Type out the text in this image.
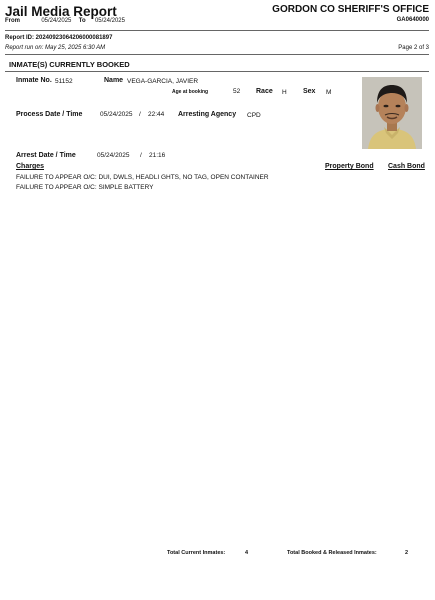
Jail Media Report	GORDON CO SHERIFF'S OFFICE
GA0640000
From	05/24/2025 To 05/24/2025
Report ID: 20240923064206000081897
Report run on: May 25, 2025 6:30 AM	Page 2 of 3
INMATE(S) CURRENTLY BOOKED
Inmate No. 51152	Name VEGA-GARCIA, JAVIER
Age at booking	52 Race H Sex M
Process Date / Time	05/24/2025 / 22:44 Arresting Agency CPD
Arrest Date / Time	05/24/2025 / 21:16
Charges	Property Bond Cash Bond
FAILURE TO APPEAR O/C: DUI, DWLS, HEADLI GHTS, NO TAG, OPEN CONTAINER
FAILURE TO APPEAR O/C: SIMPLE BATTERY
Total Current Inmates:	4	Total Booked & Released Inmates:	2
